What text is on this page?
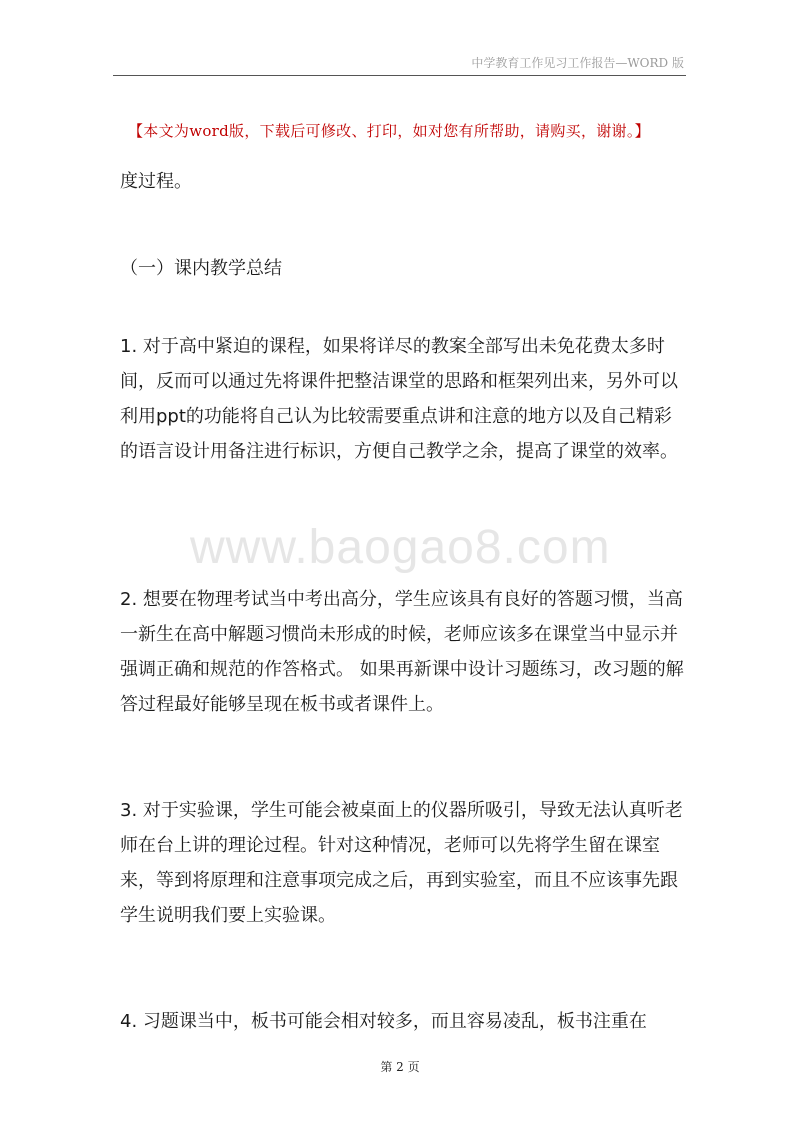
中学教育工作见习工作报告—WORD 版
【本文为word版，下载后可修改、打印，如对您有所帮助，请购买，谢谢。】
度过程。
（一）课内教学总结
1. 对于高中紧迫的课程，如果将详尽的教案全部写出未免花费太多时间，反而可以通过先将课件把整洁课堂的思路和框架列出来，另外可以利用ppt的功能将自己认为比较需要重点讲和注意的地方以及自己精彩的语言设计用备注进行标识，方便自己教学之余，提高了课堂的效率。
2. 想要在物理考试当中考出高分，学生应该具有良好的答题习惯，当高一新生在高中解题习惯尚未形成的时候，老师应该多在课堂当中显示并强调正确和规范的作答格式。 如果再新课中设计习题练习，改习题的解答过程最好能够呈现在板书或者课件上。
3. 对于实验课，学生可能会被桌面上的仪器所吸引，导致无法认真听老师在台上讲的理论过程。针对这种情况，老师可以先将学生留在课室来，等到将原理和注意事项完成之后，再到实验室，而且不应该事先跟学生说明我们要上实验课。
4. 习题课当中，板书可能会相对较多，而且容易凌乱，板书注重在
www.baogao8.com
第 2 页
